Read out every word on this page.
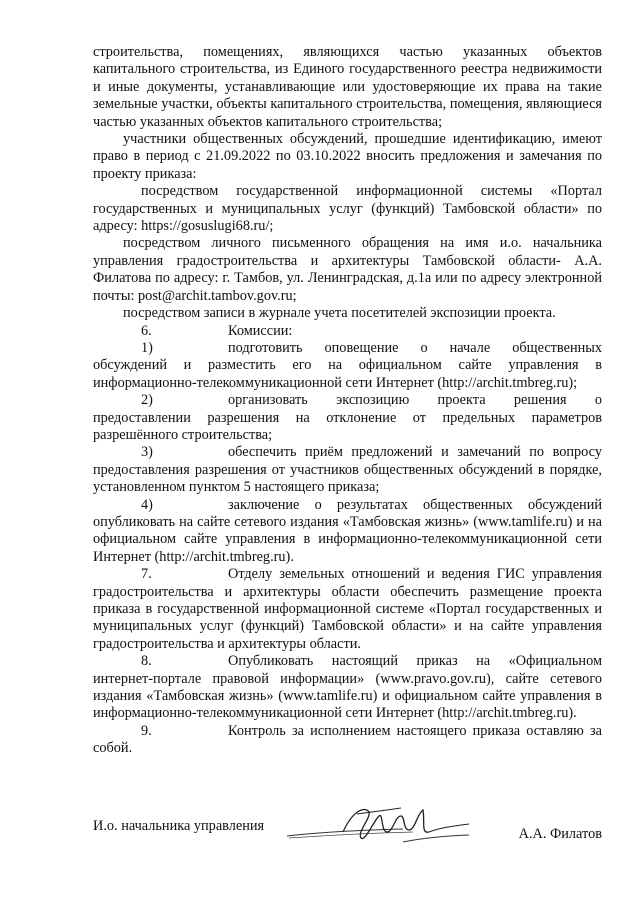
строительства, помещениях, являющихся частью указанных объектов капитального строительства, из Единого государственного реестра недвижимости и иные документы, устанавливающие или удостоверяющие их права на такие земельные участки, объекты капитального строительства, помещения, являющиеся частью указанных объектов капитального строительства;

участники общественных обсуждений, прошедшие идентификацию, имеют право в период с 21.09.2022 по 03.10.2022 вносить предложения и замечания по проекту приказа:

посредством государственной информационной системы «Портал государственных и муниципальных услуг (функций) Тамбовской области» по адресу: https://gosuslugi68.ru/;

посредством личного письменного обращения на имя и.о. начальника управления градостроительства и архитектуры Тамбовской области- А.А. Филатова по адресу: г. Тамбов, ул. Ленинградская, д.1а или по адресу электронной почты: post@archit.tambov.gov.ru;

посредством записи в журнале учета посетителей экспозиции проекта.

6.	Комиссии:

1)	подготовить оповещение о начале общественных обсуждений и разместить его на официальном сайте управления в информационно-телекоммуникационной сети Интернет (http://archit.tmbreg.ru);

2)	организовать экспозицию проекта решения о предоставлении разрешения на отклонение от предельных параметров разрешённого строительства;

3)	обеспечить приём предложений и замечаний по вопросу предоставления разрешения от участников общественных обсуждений в порядке, установленном пунктом 5 настоящего приказа;

4)	заключение о результатах общественных обсуждений опубликовать на сайте сетевого издания «Тамбовская жизнь» (www.tamlife.ru) и на официальном сайте управления в информационно-телекоммуникационной сети Интернет (http://archit.tmbreg.ru).

7.	Отделу земельных отношений и ведения ГИС управления градостроительства и архитектуры области обеспечить размещение проекта приказа в государственной информационной системе «Портал государственных и муниципальных услуг (функций) Тамбовской области» и на сайте управления градостроительства и архитектуры области.

8.	Опубликовать настоящий приказ на «Официальном интернет-портале правовой информации» (www.pravo.gov.ru), сайте сетевого издания «Тамбовская жизнь» (www.tamlife.ru) и официальном сайте управления в информационно-телекоммуникационной сети Интернет (http://archit.tmbreg.ru).

9.	Контроль за исполнением настоящего приказа оставляю за собой.

И.о. начальника управления	А.А. Филатов
